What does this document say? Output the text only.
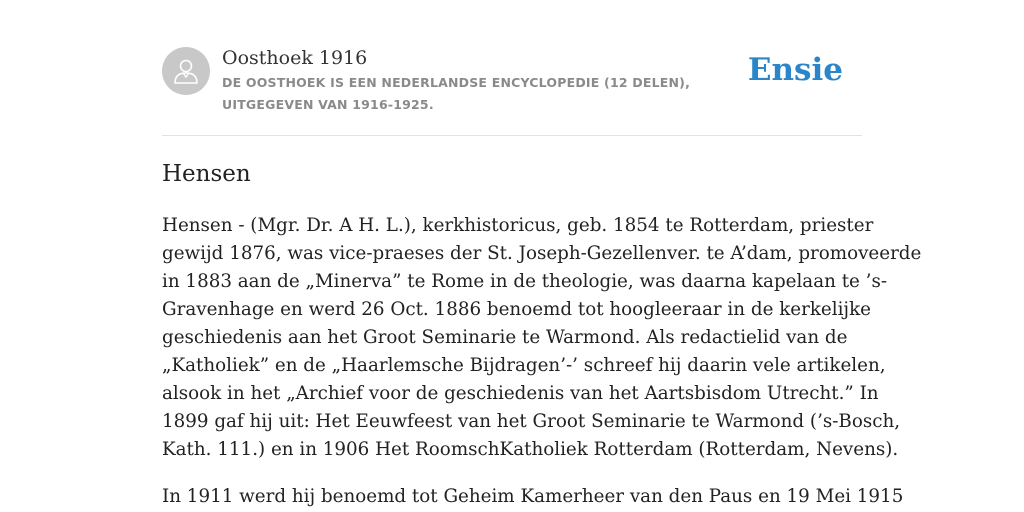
Oosthoek 1916
DE OOSTHOEK IS EEN NEDERLANDSE ENCYCLOPEDIE (12 DELEN), UITGEGEVEN VAN 1916-1925.
Ensie
Hensen

Hensen - (Mgr. Dr. A H. L.), kerkhistoricus, geb. 1854 te Rotterdam, priester
gewijd 1876, was vice-praeses der St. Joseph-Gezellenver. te A’dam, promoveerde
in 1883 aan de „Minerva” te Rome in de theologie, was daarna kapelaan te ’s-
Gravenhage en werd 26 Oct. 1886 benoemd tot hoogleeraar in de kerkelijke
geschiedenis aan het Groot Seminarie te Warmond. Als redactielid van de
„Katholiek” en de „Haarlemsche Bijdragen’-’ schreef hij daarin vele artikelen,
alsook in het „Archief voor de geschiedenis van het Aartsbisdom Utrecht.” In
1899 gaf hij uit: Het Eeuwfeest van het Groot Seminarie te Warmond (’s-Bosch,
Kath. 111.) en in 1906 Het RoomschKatholiek Rotterdam (Rotterdam, Nevens).

In 1911 werd hij benoemd tot Geheim Kamerheer van den Paus en 19 Mei 1915
